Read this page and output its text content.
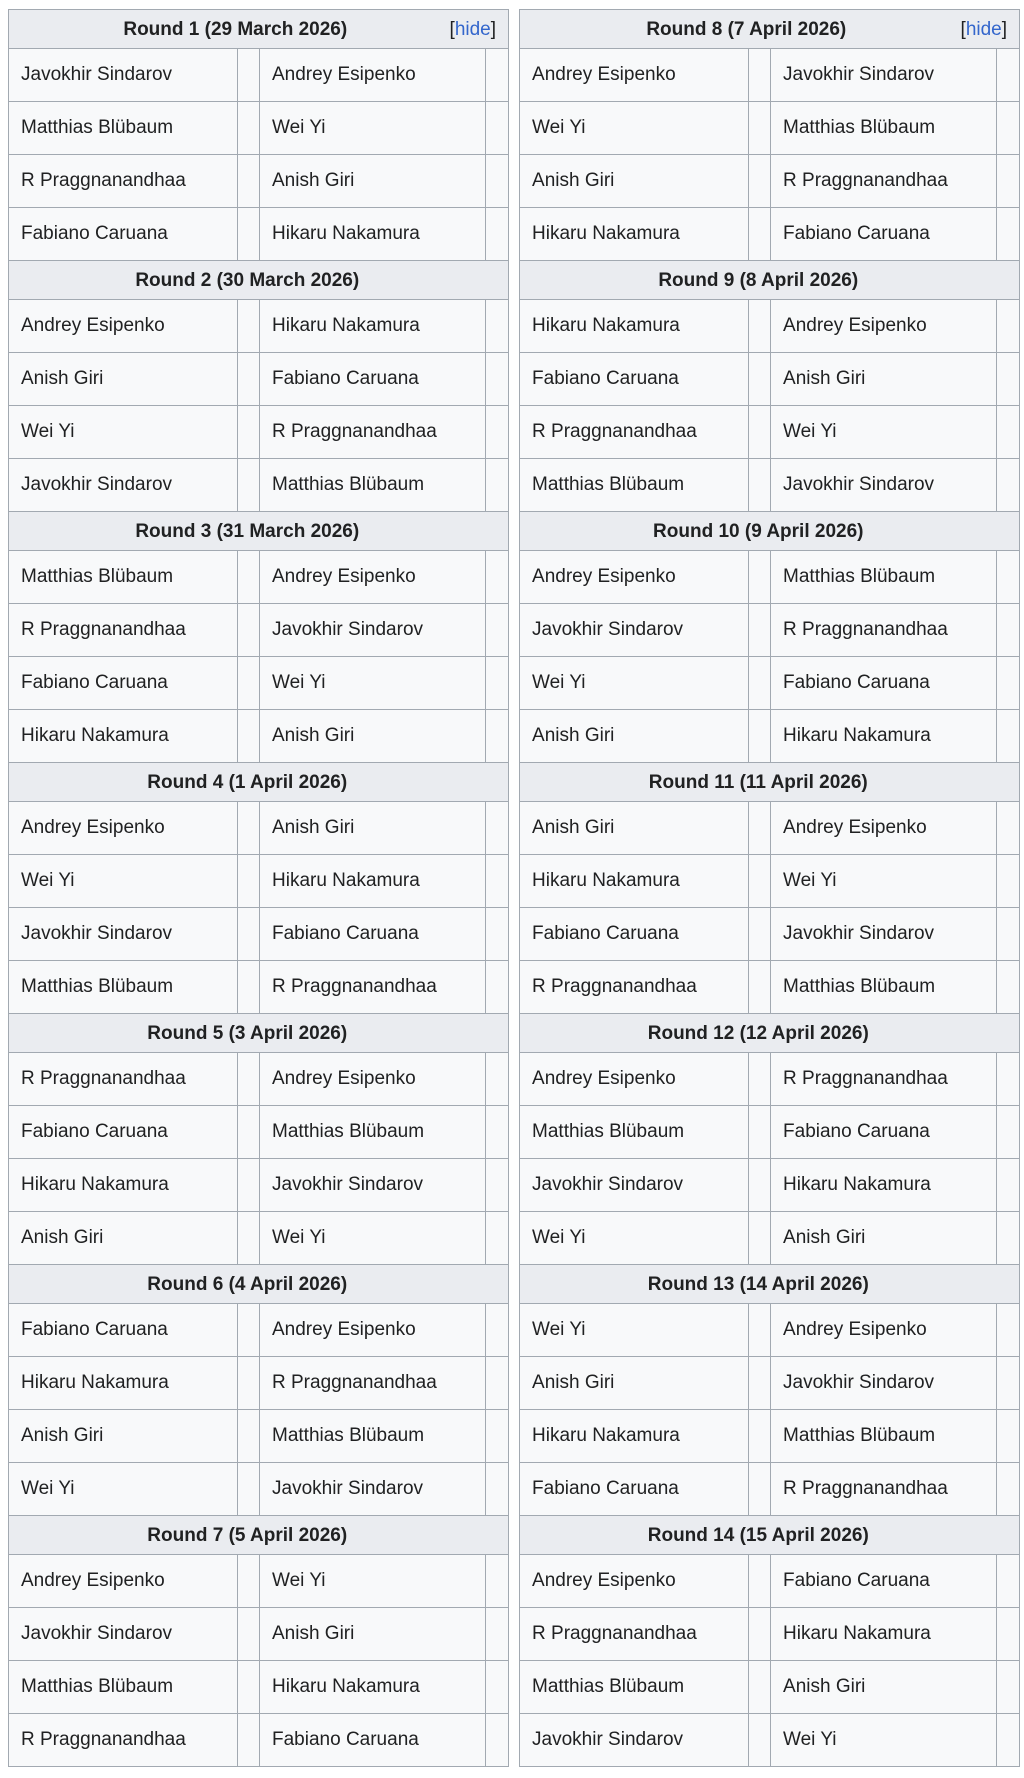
[hide]
Round 1 (29 March 2026)			
Javokhir Sindarov		Andrey Esipenko	
Matthias Blübaum		Wei Yi	
R Praggnanandhaa		Anish Giri	
Fabiano Caruana		Hikaru Nakamura	
Round 2 (30 March 2026)			
Andrey Esipenko		Hikaru Nakamura	
Anish Giri		Fabiano Caruana	
Wei Yi		R Praggnanandhaa	
Javokhir Sindarov		Matthias Blübaum	
Round 3 (31 March 2026)			
Matthias Blübaum		Andrey Esipenko	
R Praggnanandhaa		Javokhir Sindarov	
Fabiano Caruana		Wei Yi	
Hikaru Nakamura		Anish Giri	
Round 4 (1 April 2026)			
Andrey Esipenko		Anish Giri	
Wei Yi		Hikaru Nakamura	
Javokhir Sindarov		Fabiano Caruana	
Matthias Blübaum		R Praggnanandhaa	
Round 5 (3 April 2026)			
R Praggnanandhaa		Andrey Esipenko	
Fabiano Caruana		Matthias Blübaum	
Hikaru Nakamura		Javokhir Sindarov	
Anish Giri		Wei Yi	
Round 6 (4 April 2026)			
Fabiano Caruana		Andrey Esipenko	
Hikaru Nakamura		R Praggnanandhaa	
Anish Giri		Matthias Blübaum	
Wei Yi		Javokhir Sindarov	
Round 7 (5 April 2026)			
Andrey Esipenko		Wei Yi	
Javokhir Sindarov		Anish Giri	
Matthias Blübaum		Hikaru Nakamura	
R Praggnanandhaa		Fabiano Caruana	
[hide]
Round 8 (7 April 2026)			
Andrey Esipenko		Javokhir Sindarov	
Wei Yi		Matthias Blübaum	
Anish Giri		R Praggnanandhaa	
Hikaru Nakamura		Fabiano Caruana	
Round 9 (8 April 2026)			
Hikaru Nakamura		Andrey Esipenko	
Fabiano Caruana		Anish Giri	
R Praggnanandhaa		Wei Yi	
Matthias Blübaum		Javokhir Sindarov	
Round 10 (9 April 2026)			
Andrey Esipenko		Matthias Blübaum	
Javokhir Sindarov		R Praggnanandhaa	
Wei Yi		Fabiano Caruana	
Anish Giri		Hikaru Nakamura	
Round 11 (11 April 2026)			
Anish Giri		Andrey Esipenko	
Hikaru Nakamura		Wei Yi	
Fabiano Caruana		Javokhir Sindarov	
R Praggnanandhaa		Matthias Blübaum	
Round 12 (12 April 2026)			
Andrey Esipenko		R Praggnanandhaa	
Matthias Blübaum		Fabiano Caruana	
Javokhir Sindarov		Hikaru Nakamura	
Wei Yi		Anish Giri	
Round 13 (14 April 2026)			
Wei Yi		Andrey Esipenko	
Anish Giri		Javokhir Sindarov	
Hikaru Nakamura		Matthias Blübaum	
Fabiano Caruana		R Praggnanandhaa	
Round 14 (15 April 2026)			
Andrey Esipenko		Fabiano Caruana	
R Praggnanandhaa		Hikaru Nakamura	
Matthias Blübaum		Anish Giri	
Javokhir Sindarov		Wei Yi	
